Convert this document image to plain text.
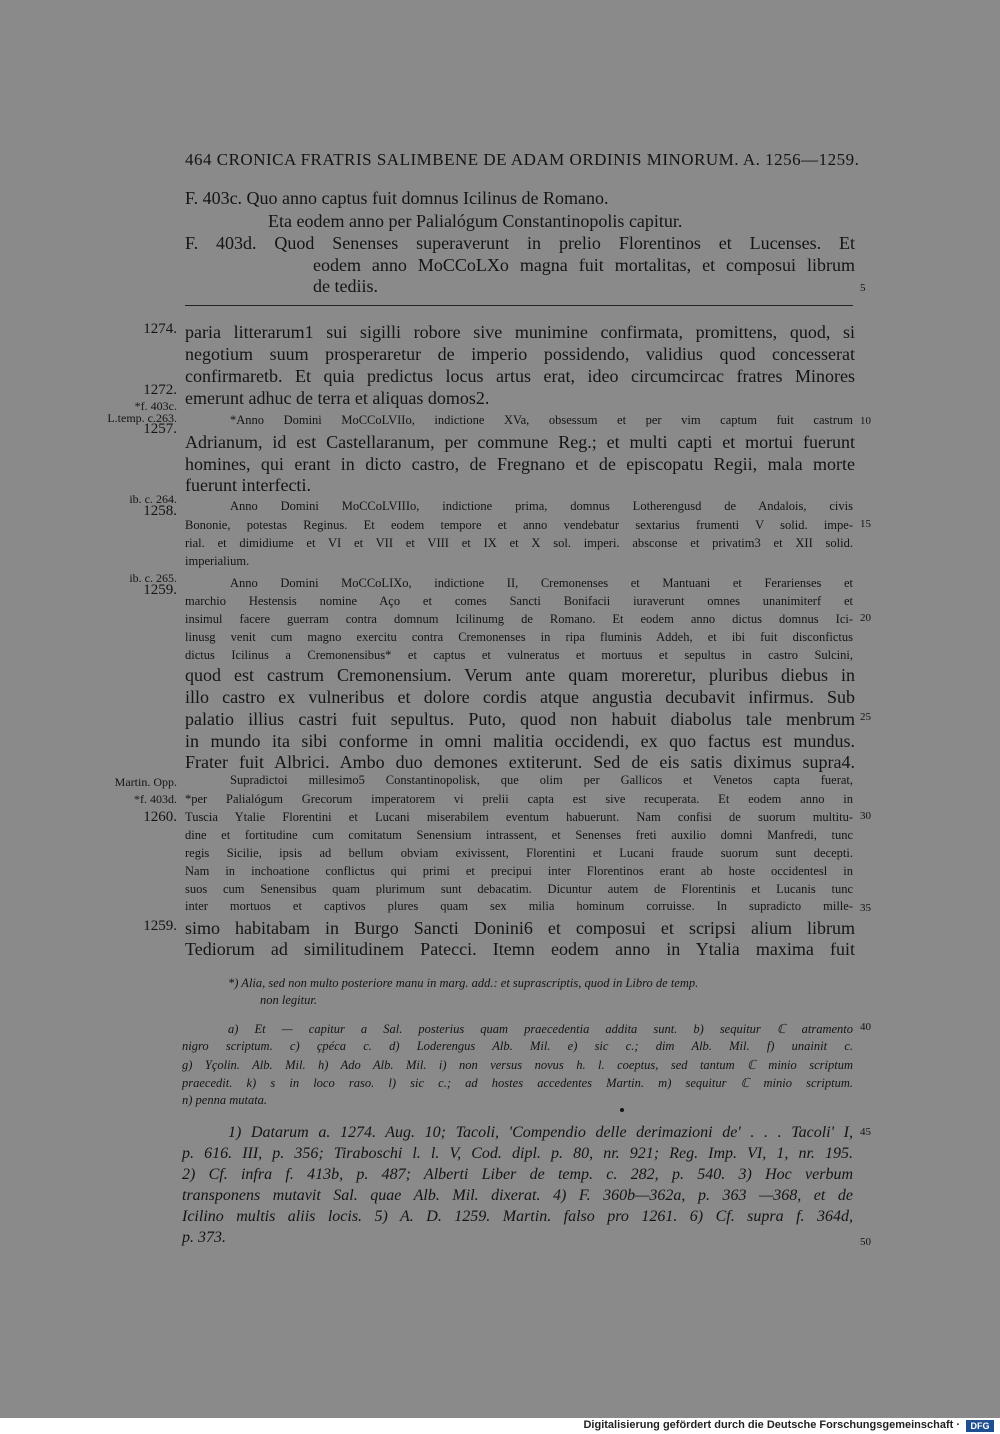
464 CRONICA FRATRIS SALIMBENE DE ADAM ORDINIS MINORUM. A. 1256—1259.
F. 403c. Quo anno captus fuit domnus Icilinus de Romano.
Eta eodem anno per Palialógum Constantinopolis capitur.
F. 403d. Quod Senenses superaverunt in prelio Florentinos et Lucenses. Et
eodem anno MoCCoLXo magna fuit mortalitas, et composui librum
de tediis.
paria litterarum1 sui sigilli robore sive munimine confirmata, promittens, quod, si
negotium suum prosperaretur de imperio possidendo, validius quod concesserat
confirmaretb. Et quia predictus locus artus erat, ideo circumcircac fratres Minores
emerunt adhuc de terra et aliquas domos2.
*Anno Domini MoCCoLVIIo, indictione XVa, obsessum et per vim captum fuit castrum
Adrianum, id est Castellaranum, per commune Reg.; et multi capti et mortui fuerunt
homines, qui erant in dicto castro, de Fregnano et de episcopatu Regii, mala morte
fuerunt interfecti.
Anno Domini MoCCoLVIIIo, indictione prima, domnus Lotherengusd de Andalois, civis
Bononie, potestas Reginus. Et eodem tempore et anno vendebatur sextarius frumenti V solid. impe-
rial. et dimidiume et VI et VII et VIII et IX et X sol. imperi. absconse et privatim3 et XII solid.
imperialium.
Anno Domini MoCCoLIXo, indictione II, Cremonenses et Mantuani et Ferarienses et
marchio Hestensis nomine Aço et comes Sancti Bonifacii iuraverunt omnes unanimiterf et
insimul facere guerram contra domnum Icilinumg de Romano. Et eodem anno dictus domnus Ici-
linusg venit cum magno exercitu contra Cremonenses in ripa fluminis Addeh, et ibi fuit disconfictus
dictus Icilinus a Cremonensibus* et captus et vulneratus et mortuus et sepultus in castro Sulcini,
quod est castrum Cremonensium. Verum ante quam moreretur, pluribus diebus in
illo castro ex vulneribus et dolore cordis atque angustia decubavit infirmus. Sub
palatio illius castri fuit sepultus. Puto, quod non habuit diabolus tale menbrum
in mundo ita sibi conforme in omni malitia occidendi, ex quo factus est mundus.
Frater fuit Albrici. Ambo duo demones extiterunt. Sed de eis satis diximus supra4.
Supradictoi millesimo5 Constantinopolisk, que olim per Gallicos et Venetos capta fuerat,
*per Palialógum Grecorum imperatorem vi prelii capta est sive recuperata. Et eodem anno in
Tuscia Ytalie Florentini et Lucani miserabilem eventum habuerunt. Nam confisi de suorum multitu-
dine et fortitudine cum comitatum Senensium intrassent, et Senenses freti auxilio domni Manfredi, tunc
regis Sicilie, ipsis ad bellum obviam exivissent, Florentini et Lucani fraude suorum sunt decepti.
Nam in inchoatione conflictus qui primi et precipui inter Florentinos erant ab hoste occidentesl in
suos cum Senensibus quam plurimum sunt debacatim. Dicuntur autem de Florentinis et Lucanis tunc
inter mortuos et captivos plures quam sex milia hominum corruisse. In supradicto mille-
simo habitabam in Burgo Sancti Donini6 et composui et scripsi alium librum
Tediorum ad similitudinem Patecci. Itemn eodem anno in Ytalia maxima fuit
1274.
1272.
*f. 403c.
L.temp. c.263.
1257.
ib. c. 264.
1258.
ib. c. 265.
1259.
Martin. Opp.
*f. 403d.
1260.
1259.
5
10
15
20
25
30
35
40
45
50
*) Alia, sed non multo posteriore manu in marg. add.: et suprascriptis, quod in Libro de temp.
non legitur.
a) Et — capitur a Sal. posterius quam praecedentia addita sunt. b) sequitur ℂ atramento
nigro scriptum. c) çpéca c. d) Loderengus Alb. Mil. e) sic c.; dim Alb. Mil. f) unainit c.
g) Yçolin. Alb. Mil. h) Ado Alb. Mil. i) non versus novus h. l. coeptus, sed tantum ℂ minio scriptum
praecedit. k) s in loco raso. l) sic c.; ad hostes accedentes Martin. m) sequitur ℂ minio scriptum.
n) penna mutata.
1) Datarum a. 1274. Aug. 10; Tacoli, 'Compendio delle derimazioni de' . . . Tacoli' I,
p. 616. III, p. 356; Tiraboschi l. l. V, Cod. dipl. p. 80, nr. 921; Reg. Imp. VI, 1, nr. 195.
2) Cf. infra f. 413b, p. 487; Alberti Liber de temp. c. 282, p. 540. 3) Hoc verbum
transponens mutavit Sal. quae Alb. Mil. dixerat. 4) F. 360b—362a, p. 363 —368, et de
Icilino multis aliis locis. 5) A. D. 1259. Martin. falso pro 1261. 6) Cf. supra f. 364d,
p. 373.
Digitalisierung gefördert durch die Deutsche Forschungsgemeinschaft ·	DFG
